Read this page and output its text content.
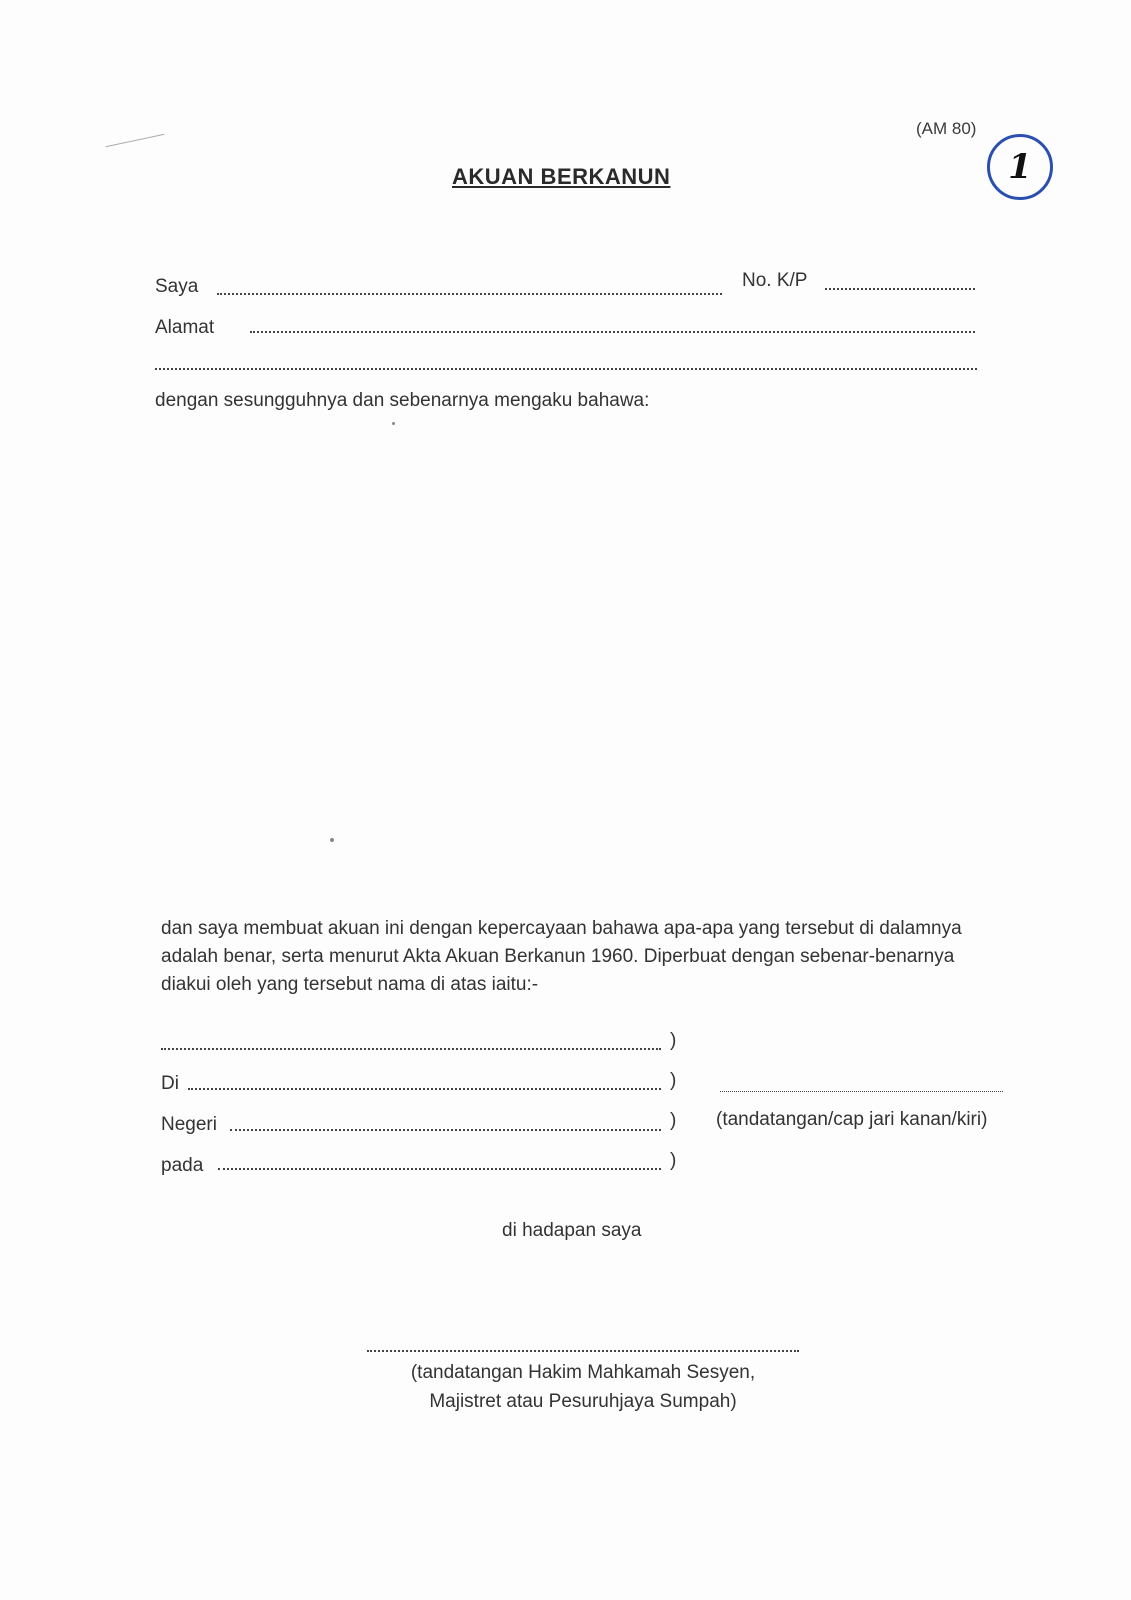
(AM 80)
1
AKUAN BERKANUN
Saya	No. K/P
Alamat
dengan sesungguhnya dan sebenarnya mengaku bahawa:
dan saya membuat akuan ini dengan kepercayaan bahawa apa-apa yang tersebut di dalamnya adalah benar, serta menurut Akta Akuan Berkanun 1960. Diperbuat dengan sebenar-benarnya diakui oleh yang tersebut nama di atas iaitu:-
)
Di	)
Negeri	)
pada	)
(tandatangan/cap jari kanan/kiri)
di hadapan saya
(tandatangan Hakim Mahkamah Sesyen,
Majistret atau Pesuruhjaya Sumpah)
